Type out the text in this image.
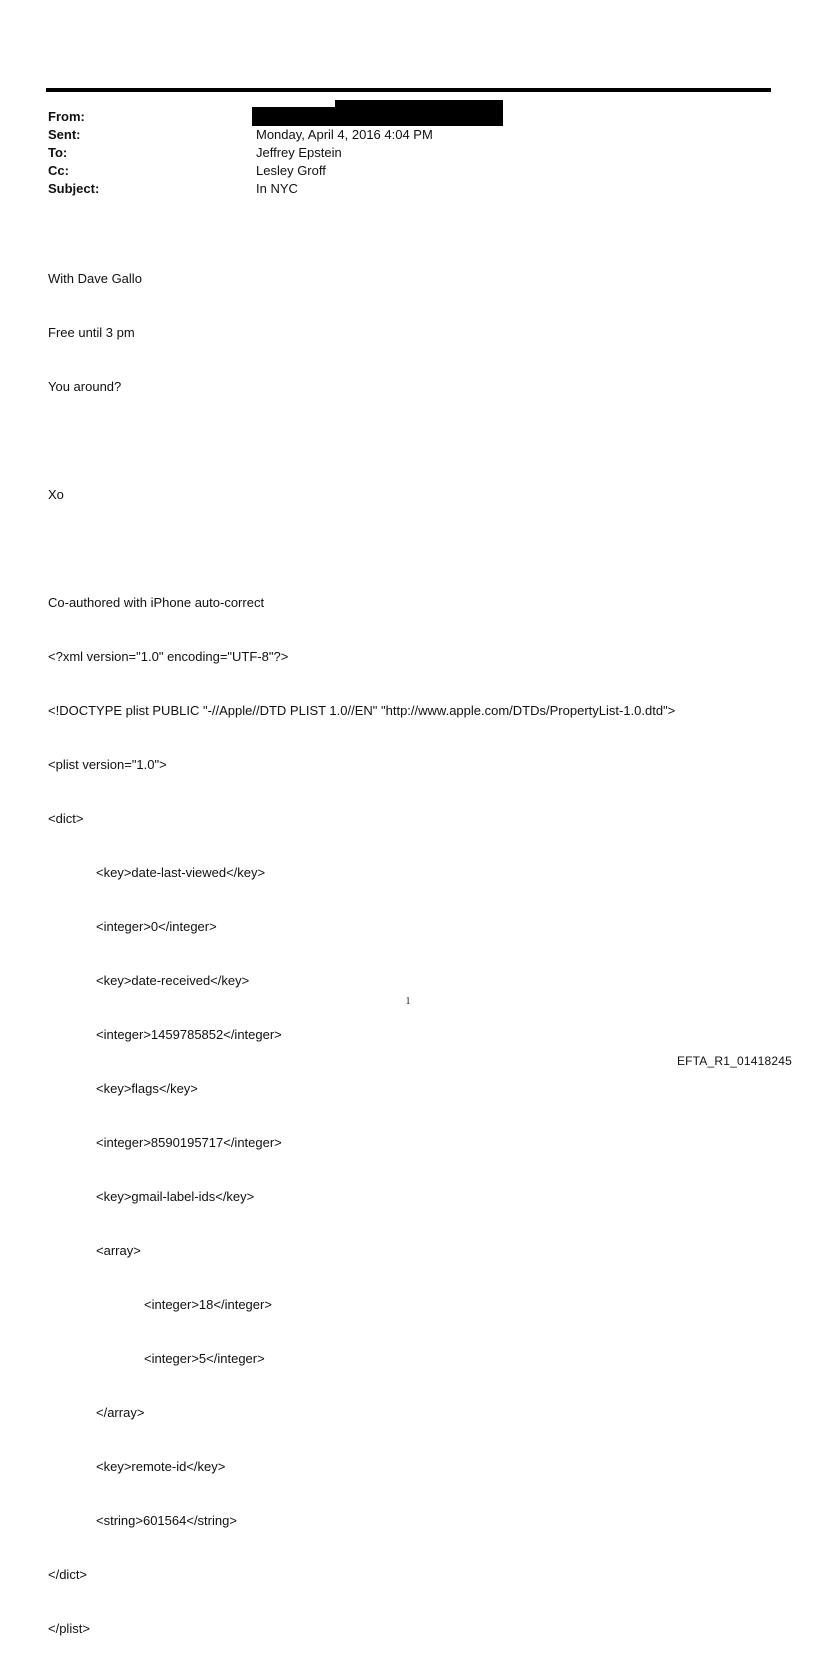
From:
Sent:	Monday, April 4, 2016 4:04 PM
To:	Jeffrey Epstein
Cc:	Lesley Groff
Subject:	In NYC

With Dave Gallo

Free until 3 pm

You around?

Xo

Co-authored with iPhone auto-correct

<?xml version="1.0" encoding="UTF-8"?>

<!DOCTYPE plist PUBLIC "-//Apple//DTD PLIST 1.0//EN" "http://www.apple.com/DTDs/PropertyList-1.0.dtd">

<plist version="1.0">

<dict>

<key>date-last-viewed</key>

<integer>0</integer>

<key>date-received</key>

<integer>1459785852</integer>

<key>flags</key>

<integer>8590195717</integer>

<key>gmail-label-ids</key>

<array>

<integer>18</integer>

<integer>5</integer>

</array>

<key>remote-id</key>

<string>601564</string>

</dict>

</plist>

1
EFTA_R1_01418245
